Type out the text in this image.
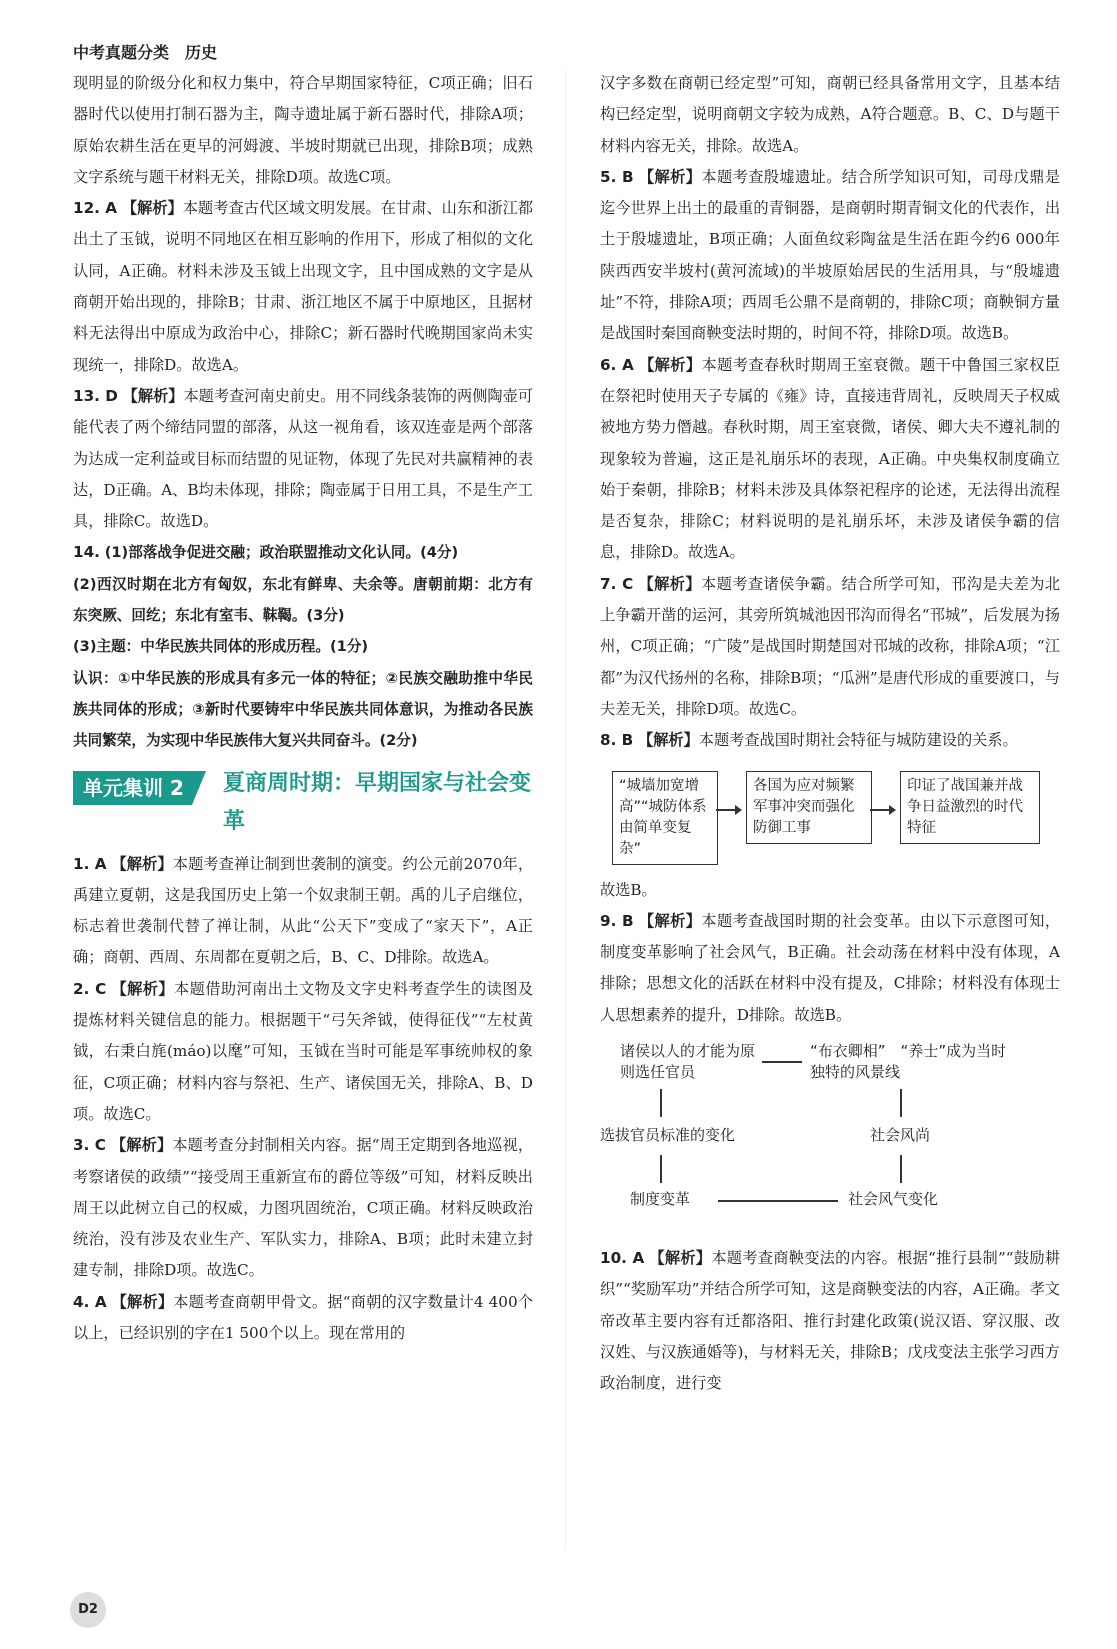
中考真题分类　历史

现明显的阶级分化和权力集中，符合早期国家特征，C项正确；旧石器时代以使用打制石器为主，陶寺遗址属于新石器时代，排除A项；原始农耕生活在更早的河姆渡、半坡时期就已出现，排除B项；成熟文字系统与题干材料无关，排除D项。故选C项。

12. A 【解析】本题考查古代区域文明发展。在甘肃、山东和浙江都出土了玉钺，说明不同地区在相互影响的作用下，形成了相似的文化认同，A正确。材料未涉及玉钺上出现文字，且中国成熟的文字是从商朝开始出现的，排除B；甘肃、浙江地区不属于中原地区，且据材料无法得出中原成为政治中心，排除C；新石器时代晚期国家尚未实现统一，排除D。故选A。

13. D 【解析】本题考查河南史前史。用不同线条装饰的两侧陶壶可能代表了两个缔结同盟的部落，从这一视角看，该双连壶是两个部落为达成一定利益或目标而结盟的见证物，体现了先民对共赢精神的表达，D正确。A、B均未体现，排除；陶壶属于日用工具，不是生产工具，排除C。故选D。

14. (1)部落战争促进交融；政治联盟推动文化认同。(4分)

(2)西汉时期在北方有匈奴，东北有鲜卑、夫余等。唐朝前期：北方有东突厥、回纥；东北有室韦、靺鞨。(3分)

(3)主题：中华民族共同体的形成历程。(1分)

认识：①中华民族的形成具有多元一体的特征；②民族交融助推中华民族共同体的形成；③新时代要铸牢中华民族共同体意识，为推动各民族共同繁荣，为实现中华民族伟大复兴共同奋斗。(2分)

单元集训 2	夏商周时期：早期国家与社会变革

1. A 【解析】本题考查禅让制到世袭制的演变。约公元前2070年，禹建立夏朝，这是我国历史上第一个奴隶制王朝。禹的儿子启继位，标志着世袭制代替了禅让制，从此“公天下”变成了“家天下”，A正确；商朝、西周、东周都在夏朝之后，B、C、D排除。故选A。

2. C 【解析】本题借助河南出土文物及文字史料考查学生的读图及提炼材料关键信息的能力。根据题干“弓矢斧钺，使得征伐”“左杖黄钺，右秉白旄(máo)以麾”可知，玉钺在当时可能是军事统帅权的象征，C项正确；材料内容与祭祀、生产、诸侯国无关，排除A、B、D项。故选C。

3. C 【解析】本题考查分封制相关内容。据“周王定期到各地巡视，考察诸侯的政绩”“接受周王重新宣布的爵位等级”可知，材料反映出周王以此树立自己的权威，力图巩固统治，C项正确。材料反映政治统治，没有涉及农业生产、军队实力，排除A、B项；此时未建立封建专制，排除D项。故选C。

4. A 【解析】本题考查商朝甲骨文。据“商朝的汉字数量计4 400个以上，已经识别的字在1 500个以上。现在常用的

汉字多数在商朝已经定型”可知，商朝已经具备常用文字，且基本结构已经定型，说明商朝文字较为成熟，A符合题意。B、C、D与题干材料内容无关，排除。故选A。

5. B 【解析】本题考查殷墟遗址。结合所学知识可知，司母戊鼎是迄今世界上出土的最重的青铜器，是商朝时期青铜文化的代表作，出土于殷墟遗址，B项正确；人面鱼纹彩陶盆是生活在距今约6 000年陕西西安半坡村(黄河流域)的半坡原始居民的生活用具，与“殷墟遗址”不符，排除A项；西周毛公鼎不是商朝的，排除C项；商鞅铜方量是战国时秦国商鞅变法时期的，时间不符，排除D项。故选B。

6. A 【解析】本题考查春秋时期周王室衰微。题干中鲁国三家权臣在祭祀时使用天子专属的《雍》诗，直接违背周礼，反映周天子权威被地方势力僭越。春秋时期，周王室衰微，诸侯、卿大夫不遵礼制的现象较为普遍，这正是礼崩乐坏的表现，A正确。中央集权制度确立始于秦朝，排除B；材料未涉及具体祭祀程序的论述，无法得出流程是否复杂，排除C；材料说明的是礼崩乐坏，未涉及诸侯争霸的信息，排除D。故选A。

7. C 【解析】本题考查诸侯争霸。结合所学可知，邗沟是夫差为北上争霸开凿的运河，其旁所筑城池因邗沟而得名“邗城”，后发展为扬州，C项正确；“广陵”是战国时期楚国对邗城的改称，排除A项；“江都”为汉代扬州的名称，排除B项；“瓜洲”是唐代形成的重要渡口，与夫差无关，排除D项。故选C。

8. B 【解析】本题考查战国时期社会特征与城防建设的关系。

“城墙加宽增高”“城防体系由简单变复杂”
各国为应对频繁军事冲突而强化防御工事
印证了战国兼并战争日益激烈的时代特征

故选B。

9. B 【解析】本题考查战国时期的社会变革。由以下示意图可知，制度变革影响了社会风气，B正确。社会动荡在材料中没有体现，A排除；思想文化的活跃在材料中没有提及，C排除；材料没有体现士人思想素养的提升，D排除。故选B。

诸侯以人的才能为原则选任官员
“布衣卿相”　“养士”成为当时独特的风景线
选拔官员标准的变化	社会风尚
制度变革	社会风气变化

10. A 【解析】本题考查商鞅变法的内容。根据“推行县制”“鼓励耕织”“奖励军功”并结合所学可知，这是商鞅变法的内容，A正确。孝文帝改革主要内容有迁都洛阳、推行封建化政策(说汉语、穿汉服、改汉姓、与汉族通婚等)，与材料无关，排除B；戊戌变法主张学习西方政治制度，进行变

D2
